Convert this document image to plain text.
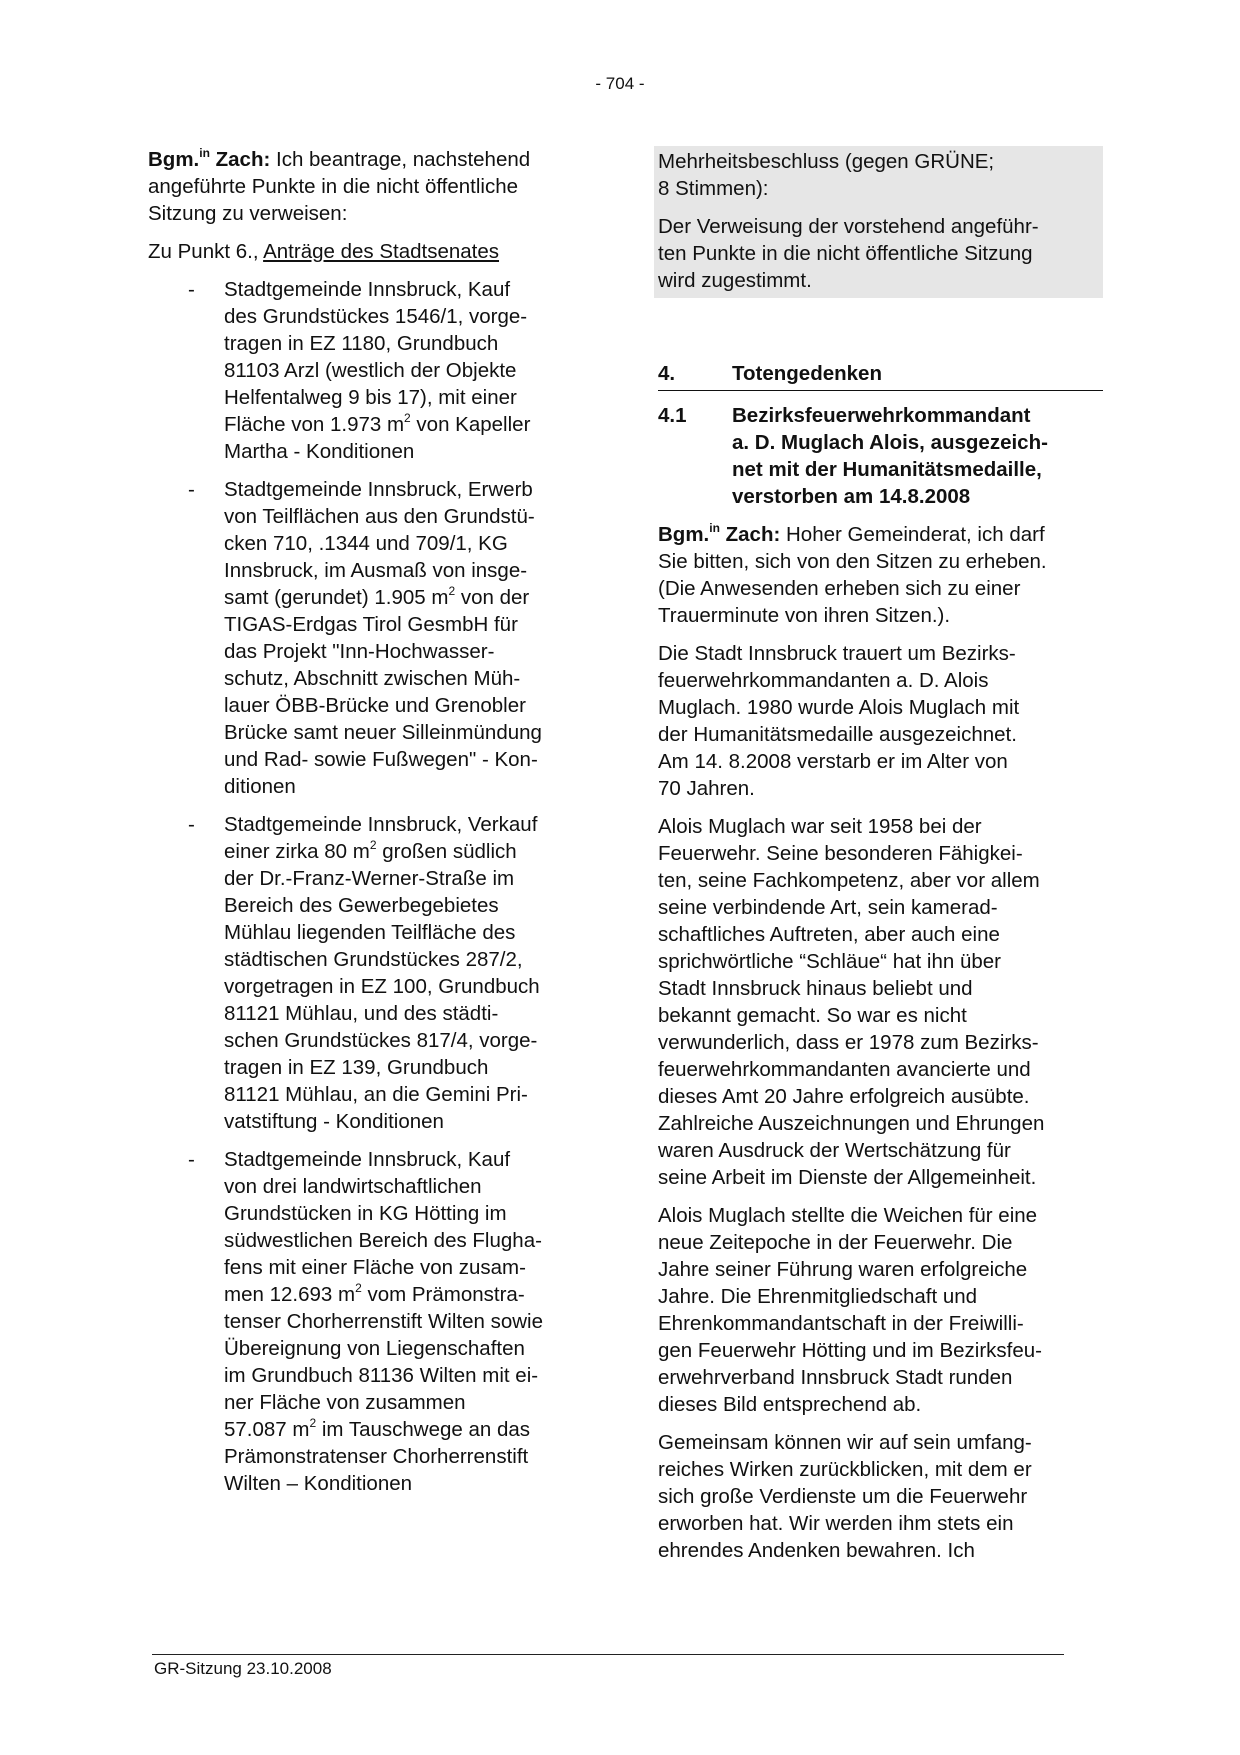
- 704 -

Bgm.$^{in}$ Zach: Ich beantrage, nachstehend
angeführte Punkte in die nicht öffentliche
Sitzung zu verweisen:

Zu Punkt 6., Anträge des Stadtsenates

- Stadtgemeinde Innsbruck, Kauf
des Grundstückes 1546/1, vorge-
tragen in EZ 1180, Grundbuch
81103 Arzl (westlich der Objekte
Helfentalweg 9 bis 17), mit einer
Fläche von 1.973 $m^2$ von Kapeller
Martha - Konditionen
- Stadtgemeinde Innsbruck, Erwerb
von Teilflächen aus den Grundstü-
cken 710, .1344 und 709/1, KG
Innsbruck, im Ausmaß von insge-
samt (gerundet) 1.905 $m^2$ von der
TIGAS-Erdgas Tirol GesmbH für
das Projekt "Inn-Hochwasser-
schutz, Abschnitt zwischen Müh-
lauer ÖBB-Brücke und Grenobler
Brücke samt neuer Silleinmündung
und Rad- sowie Fußwegen" - Kon-
ditionen
- Stadtgemeinde Innsbruck, Verkauf
einer zirka 80 $m^2$ großen südlich
der Dr.-Franz-Werner-Straße im
Bereich des Gewerbegebietes
Mühlau liegenden Teilfläche des
städtischen Grundstückes 287/2,
vorgetragen in EZ 100, Grundbuch
81121 Mühlau, und des städti-
schen Grundstückes 817/4, vorge-
tragen in EZ 139, Grundbuch
81121 Mühlau, an die Gemini Pri-
vatstiftung - Konditionen
- Stadtgemeinde Innsbruck, Kauf
von drei landwirtschaftlichen
Grundstücken in KG Hötting im
südwestlichen Bereich des Flugha-
fens mit einer Fläche von zusam-
men 12.693 $m^2$ vom Prämonstra-
tenser Chorherrenstift Wilten sowie
Übereignung von Liegenschaften
im Grundbuch 81136 Wilten mit ei-
ner Fläche von zusammen
57.087 $m^2$ im Tauschwege an das
Prämonstratenser Chorherrenstift
Wilten – Konditionen

Mehrheitsbeschluss (gegen GRÜNE;
8 Stimmen):

Der Verweisung der vorstehend angeführ-
ten Punkte in die nicht öffentliche Sitzung
wird zugestimmt.

4.	Totengedenken
4.1	Bezirksfeuerwehrkommandant
a. D. Muglach Alois, ausgezeich-
net mit der Humanitätsmedaille,
verstorben am 14.8.2008

Bgm.$^{in}$ Zach: Hoher Gemeinderat, ich darf
Sie bitten, sich von den Sitzen zu erheben.
(Die Anwesenden erheben sich zu einer
Trauerminute von ihren Sitzen.).

Die Stadt Innsbruck trauert um Bezirks-
feuerwehrkommandanten a. D. Alois
Muglach. 1980 wurde Alois Muglach mit
der Humanitätsmedaille ausgezeichnet.
Am 14. 8.2008 verstarb er im Alter von
70 Jahren.

Alois Muglach war seit 1958 bei der
Feuerwehr. Seine besonderen Fähigkei-
ten, seine Fachkompetenz, aber vor allem
seine verbindende Art, sein kamerad-
schaftliches Auftreten, aber auch eine
sprichwörtliche “Schläue“ hat ihn über
Stadt Innsbruck hinaus beliebt und
bekannt gemacht. So war es nicht
verwunderlich, dass er 1978 zum Bezirks-
feuerwehrkommandanten avancierte und
dieses Amt 20 Jahre erfolgreich ausübte.
Zahlreiche Auszeichnungen und Ehrungen
waren Ausdruck der Wertschätzung für
seine Arbeit im Dienste der Allgemeinheit.

Alois Muglach stellte die Weichen für eine
neue Zeitepoche in der Feuerwehr. Die
Jahre seiner Führung waren erfolgreiche
Jahre. Die Ehrenmitgliedschaft und
Ehrenkommandantschaft in der Freiwilli-
gen Feuerwehr Hötting und im Bezirksfeu-
erwehrverband Innsbruck Stadt runden
dieses Bild entsprechend ab.

Gemeinsam können wir auf sein umfang-
reiches Wirken zurückblicken, mit dem er
sich große Verdienste um die Feuerwehr
erworben hat. Wir werden ihm stets ein
ehrendes Andenken bewahren. Ich

GR-Sitzung 23.10.2008
